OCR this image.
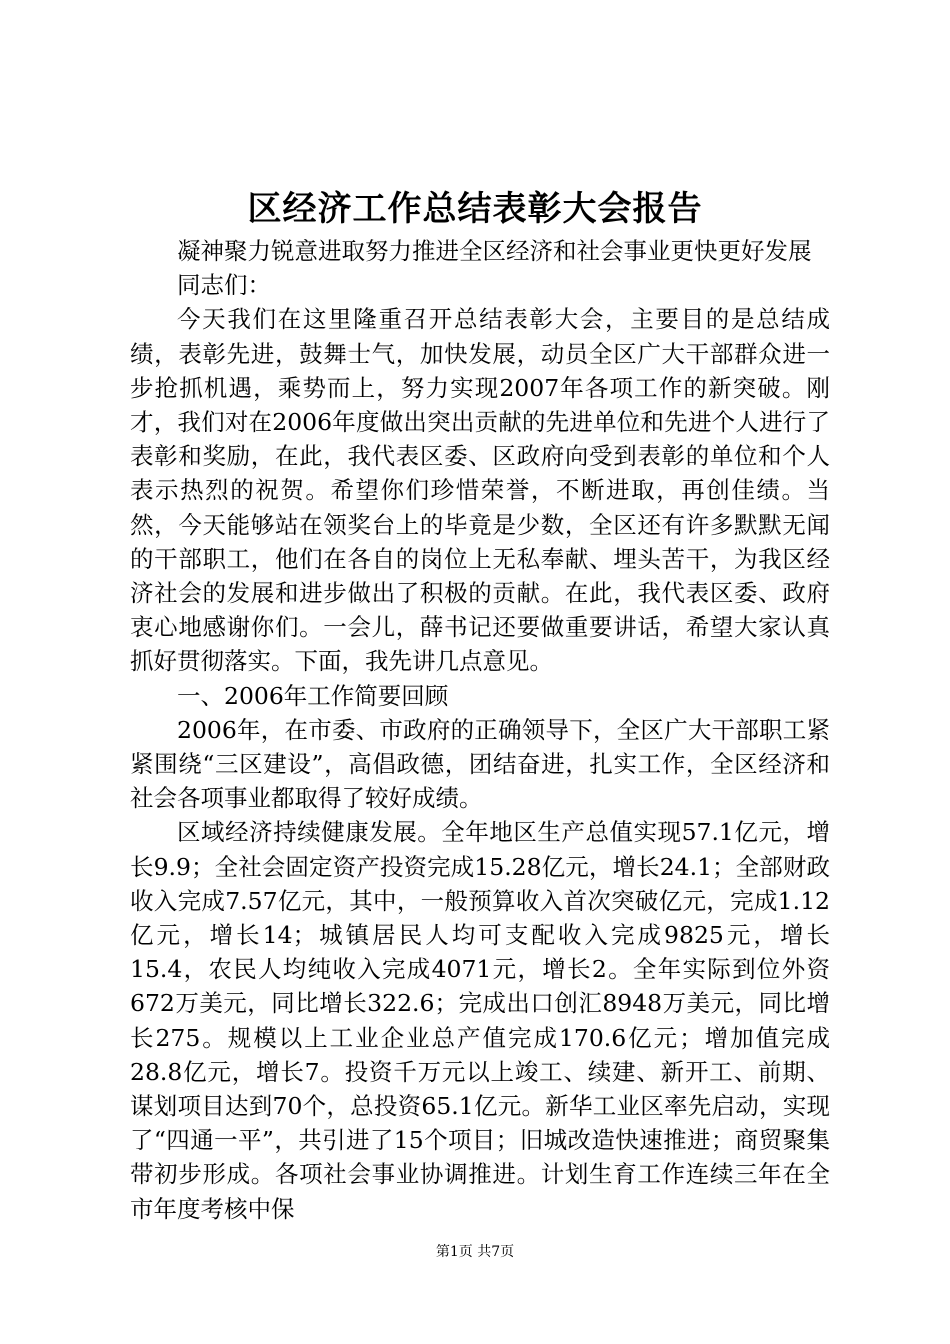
区经济工作总结表彰大会报告

凝神聚力锐意进取努力推进全区经济和社会事业更快更好发展

同志们：

今天我们在这里隆重召开总结表彰大会，主要目的是总结成绩，表彰先进，鼓舞士气，加快发展，动员全区广大干部群众进一步抢抓机遇，乘势而上，努力实现2007年各项工作的新突破。刚才，我们对在2006年度做出突出贡献的先进单位和先进个人进行了表彰和奖励，在此，我代表区委、区政府向受到表彰的单位和个人表示热烈的祝贺。希望你们珍惜荣誉，不断进取，再创佳绩。当然，今天能够站在领奖台上的毕竟是少数，全区还有许多默默无闻的干部职工，他们在各自的岗位上无私奉献、埋头苦干，为我区经济社会的发展和进步做出了积极的贡献。在此，我代表区委、政府衷心地感谢你们。一会儿，薛书记还要做重要讲话，希望大家认真抓好贯彻落实。下面，我先讲几点意见。

一、2006年工作简要回顾

2006年，在市委、市政府的正确领导下，全区广大干部职工紧紧围绕“三区建设”，高倡政德，团结奋进，扎实工作，全区经济和社会各项事业都取得了较好成绩。

区域经济持续健康发展。全年地区生产总值实现57.1亿元，增长9.9；全社会固定资产投资完成15.28亿元，增长24.1；全部财政收入完成7.57亿元，其中，一般预算收入首次突破亿元，完成1.12亿元，增长14；城镇居民人均可支配收入完成9825元，增长15.4，农民人均纯收入完成4071元，增长2。全年实际到位外资672万美元，同比增长322.6；完成出口创汇8948万美元，同比增长275。规模以上工业企业总产值完成170.6亿元；增加值完成28.8亿元，增长7。投资千万元以上竣工、续建、新开工、前期、谋划项目达到70个，总投资65.1亿元。新华工业区率先启动，实现了“四通一平”，共引进了15个项目；旧城改造快速推进；商贸聚集带初步形成。各项社会事业协调推进。计划生育工作连续三年在全市年度考核中保

第1页 共7页
